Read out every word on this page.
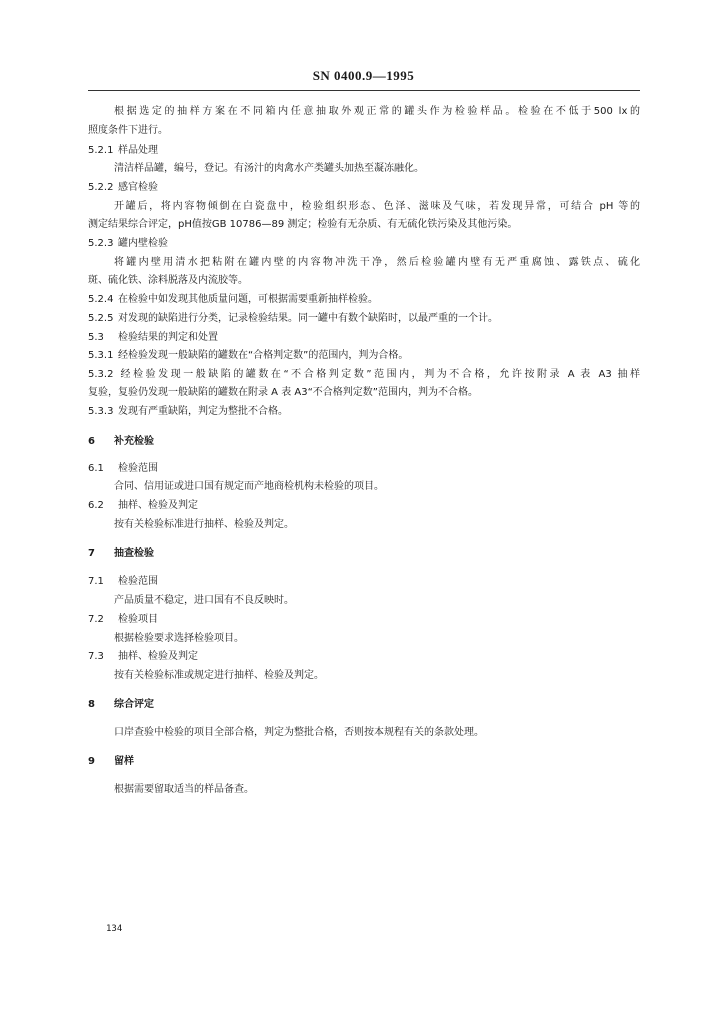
SN 0400.9—1995
根据选定的抽样方案在不同箱内任意抽取外观正常的罐头作为检验样品。检验在不低于500 lx的
照度条件下进行。
5.2.1 样品处理
清洁样品罐，编号，登记。有汤汁的肉禽水产类罐头加热至凝冻融化。
5.2.2 感官检验
开罐后，将内容物倾倒在白瓷盘中，检验组织形态、色泽、滋味及气味，若发现异常，可结合 pH 等的
测定结果综合评定，pH值按GB 10786—89 测定；检验有无杂质、有无硫化铁污染及其他污染。
5.2.3 罐内壁检验
将罐内壁用清水把粘附在罐内壁的内容物冲洗干净，然后检验罐内壁有无严重腐蚀、露铁点、硫化
斑、硫化铁、涂料脱落及内流胶等。
5.2.4 在检验中如发现其他质量问题，可根据需要重新抽样检验。
5.2.5 对发现的缺陷进行分类，记录检验结果。同一罐中有数个缺陷时，以最严重的一个计。
5.3 检验结果的判定和处置
5.3.1 经检验发现一般缺陷的罐数在“合格判定数”的范围内，判为合格。
5.3.2 经检验发现一般缺陷的罐数在“不合格判定数”范围内，判为不合格，允许按附录 A 表 A3 抽样
复验，复验仍发现一般缺陷的罐数在附录 A 表 A3“不合格判定数”范围内，判为不合格。
5.3.3 发现有严重缺陷，判定为整批不合格。
6 补充检验
6.1 检验范围
合同、信用证或进口国有规定而产地商检机构未检验的项目。
6.2 抽样、检验及判定
按有关检验标准进行抽样、检验及判定。
7 抽查检验
7.1 检验范围
产品质量不稳定，进口国有不良反映时。
7.2 检验项目
根据检验要求选择检验项目。
7.3 抽样、检验及判定
按有关检验标准或规定进行抽样、检验及判定。
8 综合评定
口岸查验中检验的项目全部合格，判定为整批合格，否则按本规程有关的条款处理。
9 留样
根据需要留取适当的样品备查。
134
